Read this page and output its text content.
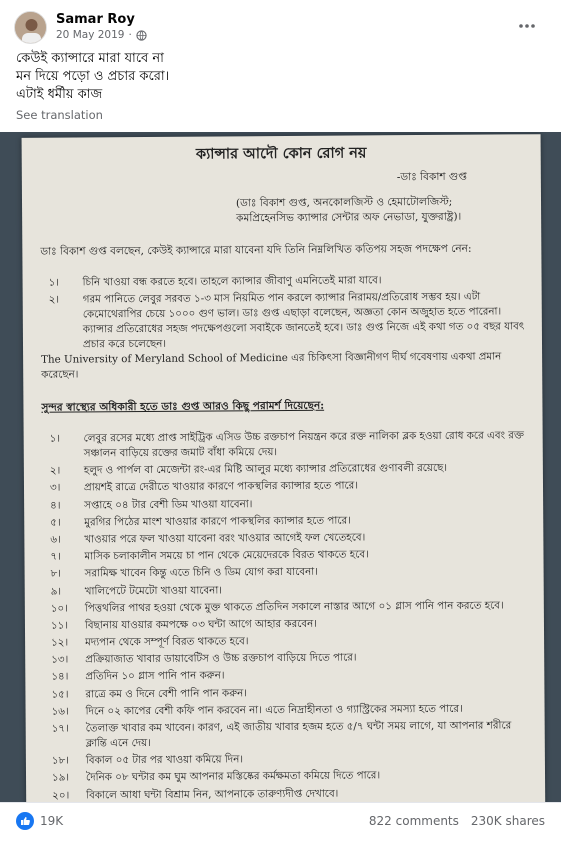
Samar Roy
20 May 2019 ·
কেউই ক্যান্সারে মারা যাবে না
মন দিয়ে পড়ো ও প্রচার করো।
এটাই ধর্মীয় কাজ
See translation
ক্যান্সার আদৌ কোন রোগ নয়
-ডাঃ বিকাশ গুপ্ত
(ডাঃ বিকাশ গুপ্ত, অনকোলজিস্ট ও হেমাটোলজিস্ট;
কমপ্রিহেনসিভ ক্যান্সার সেন্টার অফ নেভাডা, যুক্তরাষ্ট্র)।
ডাঃ বিকাশ গুপ্ত বলছেন, কেউই ক্যান্সারে মারা যাবেনা যদি তিনি নিম্নলিখিত কতিপয় সহজ পদক্ষেপ নেন:
১।	চিনি খাওয়া বন্ধ করতে হবে। তাহলে ক্যান্সার জীবাণু এমনিতেই মারা যাবে।
২।	গরম পানিতে লেবুর সরবত ১-৩ মাস নিয়মিত পান করলে ক্যান্সার নিরাময়/প্রতিরোধ সম্ভব হয়। এটা কেমোথেরাপির চেয়ে ১০০০ গুণ ভাল। ডাঃ গুপ্ত এছাড়া বলেছেন, অজ্ঞতা কোন অজুহাত হতে পারেনা। ক্যান্সার প্রতিরোধের সহজ পদক্ষেপগুলো সবাইকে জানতেই হবে। ডাঃ গুপ্ত নিজে এই কথা গত ০৫ বছর যাবৎ প্রচার করে চলেছেন।
The University of Meryland School of Medicine এর চিকিৎসা বিজ্ঞানীগণ দীর্ঘ গবেষণায় একথা প্রমান করেছেন।
সুন্দর স্বাস্থ্যের অধিকারী হতে ডাঃ গুপ্ত আরও কিছু পরামর্শ দিয়েছেন:
১।	লেবুর রসের মধ্যে প্রাপ্ত সাইট্রিক এসিড উচ্চ রক্তচাপ নিয়ন্ত্রন করে রক্ত নালিকা ব্লক হওয়া রোধ করে এবং রক্ত সঞ্চালন বাড়িয়ে রক্তের জমাট বাঁধা কমিয়ে দেয়।
২।	হলুদ ও পার্পল বা মেজেন্টা রং-এর মিষ্টি আলুর মধ্যে ক্যান্সার প্রতিরোধের গুণাবলী রয়েছে।
৩।	প্রায়শই রাত্রে দেরীতে খাওয়ার কারণে পাকস্থলির ক্যান্সার হতে পারে।
৪।	সপ্তাহে ০৪ টার বেশী ডিম খাওয়া যাবেনা।
৫।	মুরগির পিঠের মাংশ খাওয়ার কারণে পাকস্থলির ক্যান্সার হতে পারে।
৬।	খাওয়ার পরে ফল খাওয়া যাবেনা বরং খাওয়ার আগেই ফল খেতেহবে।
৭।	মাসিক চলাকালীন সময়ে চা পান থেকে মেয়েদেরকে বিরত থাকতে হবে।
৮।	সরামিক্ষ খাবেন কিন্তু এতে চিনি ও ডিম যোগ করা যাবেনা।
৯।	খালিপেটে টমেটো খাওয়া যাবেনা।
১০।	পিত্তথলির পাথর হওয়া থেকে মুক্ত থাকতে প্রতিদিন সকালে নাস্তার আগে ০১ গ্লাস পানি পান করতে হবে।
১১।	বিছানায় যাওয়ার কমপক্ষে ০৩ ঘন্টা আগে আহার করবেন।
১২।	মদ্যপান থেকে সম্পূর্ণ বিরত থাকতে হবে।
১৩।	প্রক্রিয়াজাত খাবার ডায়াবেটিস ও উচ্চ রক্তচাপ বাড়িয়ে দিতে পারে।
১৪।	প্রতিদিন ১০ গ্লাস পানি পান করুন।
১৫।	রাত্রে কম ও দিনে বেশী পানি পান করুন।
১৬।	দিনে ০২ কাপের বেশী কফি পান করবেন না। এতে নিদ্রাহীনতা ও গ্যাস্ট্রিকের সমস্যা হতে পারে।
১৭।	তৈলাক্ত খাবার কম খাবেন। কারণ, এই জাতীয় খাবার হজম হতে ৫/৭ ঘন্টা সময় লাগে, যা আপনার শরীরে ক্লান্তি এনে দেয়।
১৮।	বিকাল ০৫ টার পর খাওয়া কমিয়ে দিন।
১৯।	দৈনিক ০৮ ঘন্টার কম ঘুম আপনার মস্তিষ্কের কর্মক্ষমতা কমিয়ে দিতে পারে।
২০।	বিকালে আধা ঘন্টা বিশ্রাম নিন, আপনাকে তারুণ্যদীপ্ত দেখাবে।
19K	822 comments 230K shares
